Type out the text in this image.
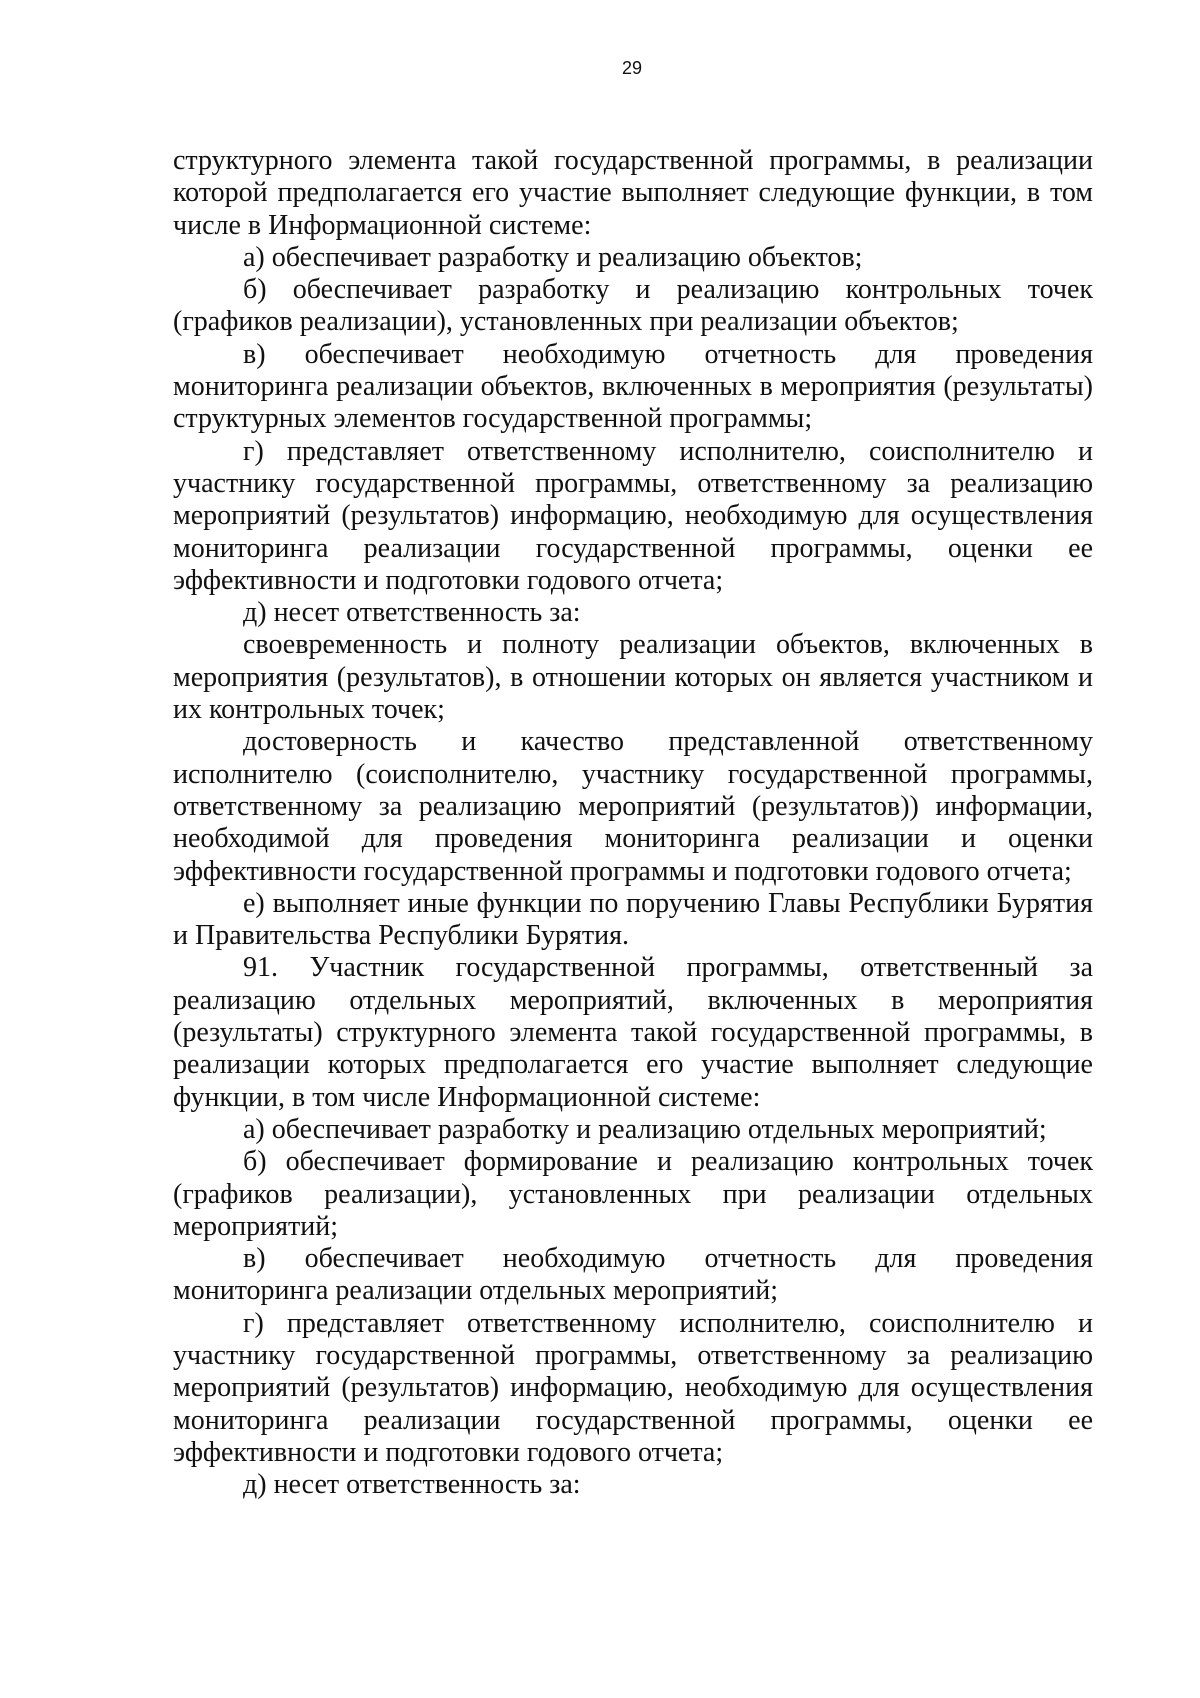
29

структурного элемента такой государственной программы, в реализации которой предполагается его участие выполняет следующие функции, в том числе в Информационной системе:

а) обеспечивает разработку и реализацию объектов;

б) обеспечивает разработку и реализацию контрольных точек (графиков реализации), установленных при реализации объектов;

в) обеспечивает необходимую отчетность для проведения мониторинга реализации объектов, включенных в мероприятия (результаты) структурных элементов государственной программы;

г) представляет ответственному исполнителю, соисполнителю и участнику государственной программы, ответственному за реализацию мероприятий (результатов) информацию, необходимую для осуществления мониторинга реализации государственной программы, оценки ее эффективности и подготовки годового отчета;

д) несет ответственность за:

своевременность и полноту реализации объектов, включенных в мероприятия (результатов), в отношении которых он является участником и их контрольных точек;

достоверность и качество представленной ответственному исполнителю (соисполнителю, участнику государственной программы, ответственному за реализацию мероприятий (результатов)) информации, необходимой для проведения мониторинга реализации и оценки эффективности государственной программы и подготовки годового отчета;

е) выполняет иные функции по поручению Главы Республики Бурятия и Правительства Республики Бурятия.

91. Участник государственной программы, ответственный за реализацию отдельных мероприятий, включенных в мероприятия (результаты) структурного элемента такой государственной программы, в реализации которых предполагается его участие выполняет следующие функции, в том числе Информационной системе:

а) обеспечивает разработку и реализацию отдельных мероприятий;

б) обеспечивает формирование и реализацию контрольных точек (графиков реализации), установленных при реализации отдельных мероприятий;

в) обеспечивает необходимую отчетность для проведения мониторинга реализации отдельных мероприятий;

г) представляет ответственному исполнителю, соисполнителю и участнику государственной программы, ответственному за реализацию мероприятий (результатов) информацию, необходимую для осуществления мониторинга реализации государственной программы, оценки ее эффективности и подготовки годового отчета;

д) несет ответственность за:
